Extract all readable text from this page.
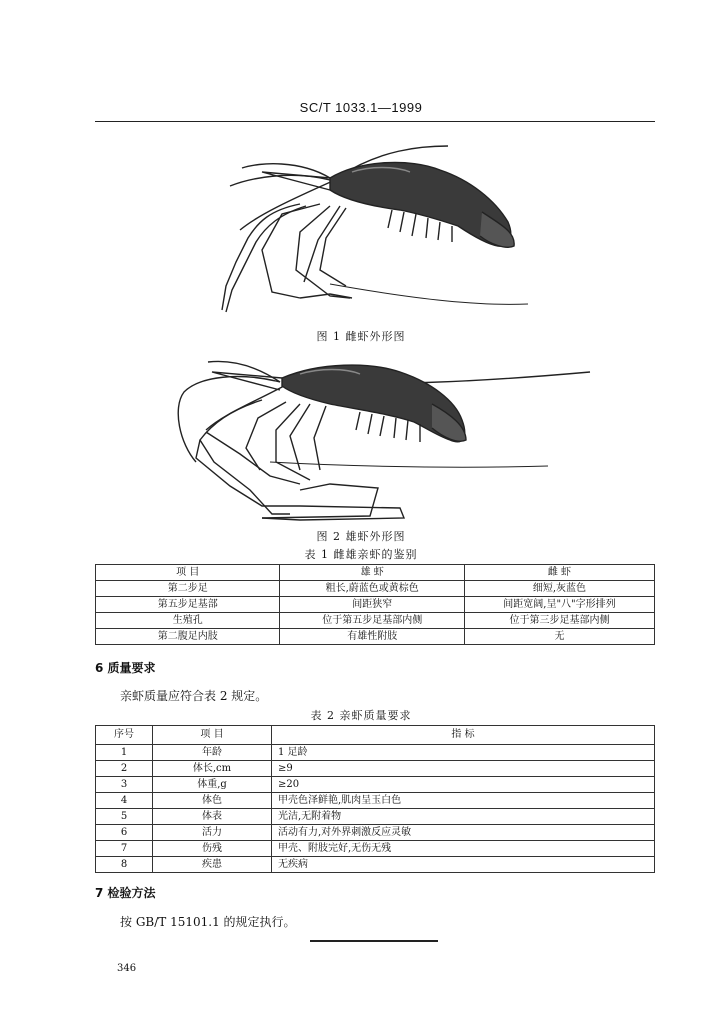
SC/T 1033.1—1999
图 1 雌虾外形图
图 2 雄虾外形图
表 1 雌雄亲虾的鉴别
项 目	雄 虾	雌 虾
第二步足	粗长,蔚蓝色或黄棕色	细短,灰蓝色
第五步足基部	间距狭窄	间距宽阔,呈"八"字形排列
生殖孔	位于第五步足基部内侧	位于第三步足基部内侧
第二腹足内肢	有雄性附肢	无
6 质量要求
亲虾质量应符合表 2 规定。
表 2 亲虾质量要求
序号	项 目	指 标
1	年龄	1 足龄
2	体长,cm	≥9
3	体重,g	≥20
4	体色	甲壳色泽鲜艳,肌肉呈玉白色
5	体表	光洁,无附着物
6	活力	活动有力,对外界刺激反应灵敏
7	伤残	甲壳、附肢完好,无伤无残
8	疾患	无疾病
7 检验方法
按 GB/T 15101.1 的规定执行。
346
